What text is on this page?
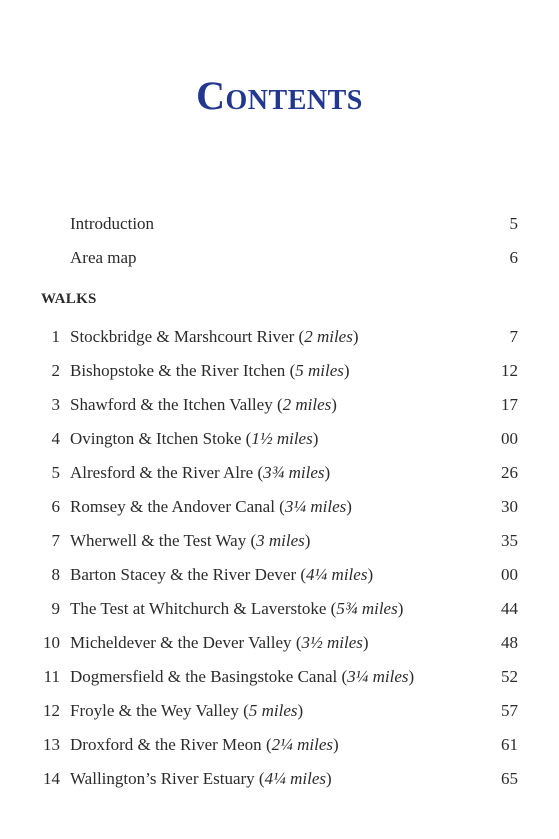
Contents
Introduction	5
Area map	6
WALKS
1 Stockbridge & Marshcourt River (2 miles)	7
2 Bishopstoke & the River Itchen (5 miles)	12
3 Shawford & the Itchen Valley (2 miles)	17
4 Ovington & Itchen Stoke (1½ miles)	00
5 Alresford & the River Alre (3¾ miles)	26
6 Romsey & the Andover Canal (3¼ miles)	30
7 Wherwell & the Test Way (3 miles)	35
8 Barton Stacey & the River Dever (4¼ miles)	00
9 The Test at Whitchurch & Laverstoke (5¾ miles)	44
10 Micheldever & the Dever Valley (3½ miles)	48
11 Dogmersfield & the Basingstoke Canal (3¼ miles)	52
12 Froyle & the Wey Valley (5 miles)	57
13 Droxford & the River Meon (2¼ miles)	61
14 Wallington’s River Estuary (4¼ miles)	65
